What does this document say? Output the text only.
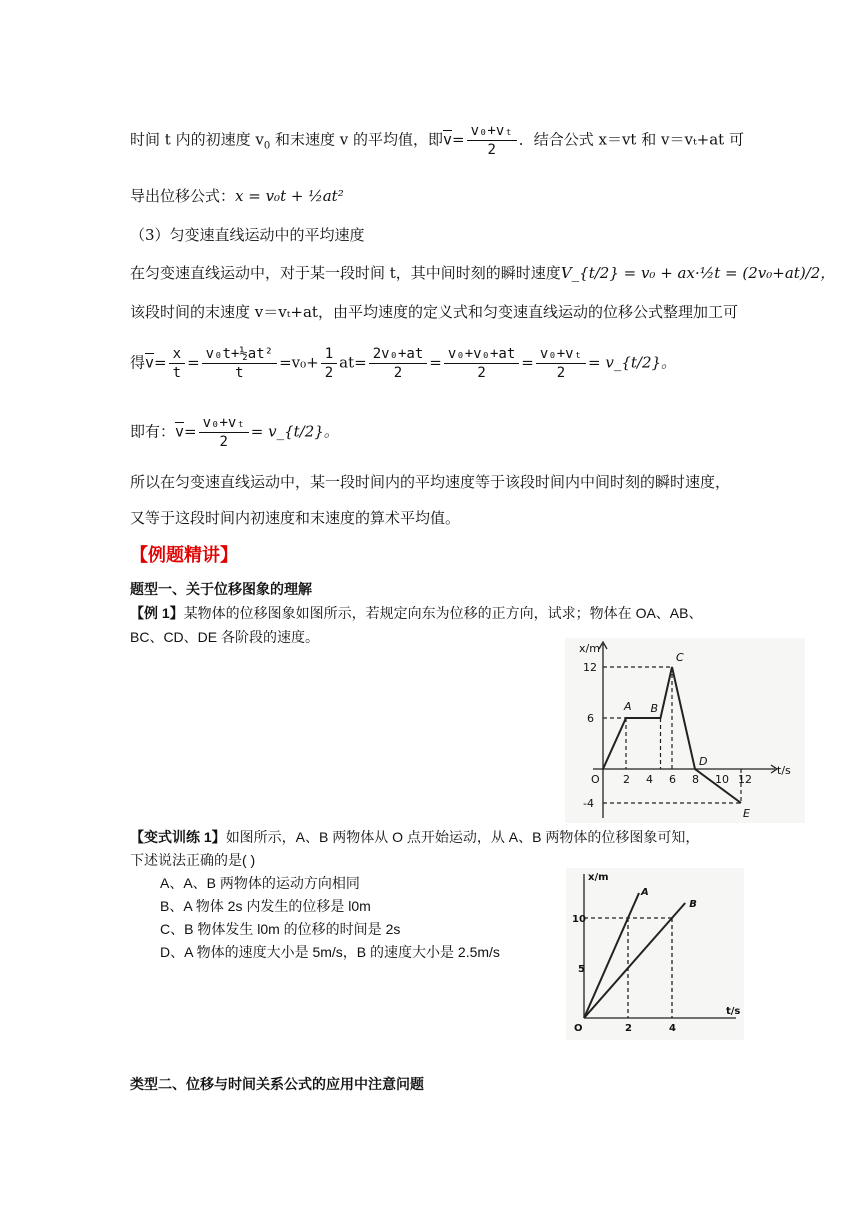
时间 t 内的初速度 $v_0$ 和末速度 v 的平均值，即$\overline{v}= \frac{\text{v₀+vₜ}}{2}$ ．结合公式 x＝vt 和 v＝vₜ+at 可
导出位移公式：x = v₀t + ½at²
（3）匀变速直线运动中的平均速度
在匀变速直线运动中，对于某一段时间 t，其中间时刻的瞬时速度V_{t/2} = v₀ + ax·½t = (2v₀+at)/2，
该段时间的末速度 v＝vₜ+at，由平均速度的定义式和匀变速直线运动的位移公式整理加工可
得$\overline{v}= \frac{x}{t} = \frac{\text{v₀t+½at²}}{t} =v_0+ \frac{1}{2} at= \frac{\text{2v₀+at}}{2} = \frac{\text{v₀+v₀+at}}{2} = \frac{\text{v₀+vₜ}}{2}$ = v_{t/2}。
即有：$\overline{v}= \frac{\text{v₀+vₜ}}{2}$ = v_{t/2}。
所以在匀变速直线运动中，某一段时间内的平均速度等于该段时间内中间时刻的瞬时速度，
又等于这段时间内初速度和末速度的算术平均值。
【例题精讲】
题型一、关于位移图象的理解
【例 1】某物体的位移图象如图所示，若规定向东为位移的正方向，试求；物体在 OA、AB、
BC、CD、DE 各阶段的速度。
x/m
t/s
O 2 4 6 8 10 12
12
6
-4
A B
C
D
E
【变式训练 1】如图所示，A、B 两物体从 O 点开始运动，从 A、B 两物体的位移图象可知，
下述说法正确的是( )
A、A、B 两物体的运动方向相同
B、A 物体 2s 内发生的位移是 l0m
C、B 物体发生 l0m 的位移的时间是 2s
D、A 物体的速度大小是 5m/s，B 的速度大小是 2.5m/s
x/m
t/s
O
10
5
2	4
A
B
类型二、位移与时间关系公式的应用中注意问题
